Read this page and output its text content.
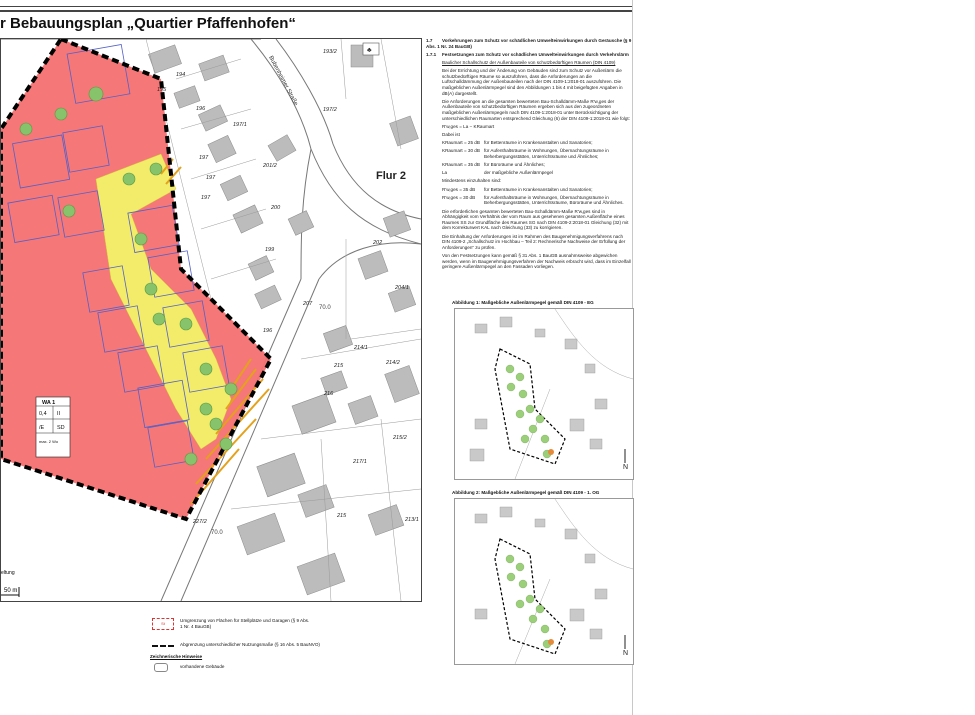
r Bebauungsplan „Quartier Pfaffenhofen“
Bubenheimer Straße
Flur 2
193/2
194
195
196
197/1
197/2
197
197
197
201/2
200
202
199
204/1
196
207
214/1
215	214/2
216
215/2
217/1
215
213/1
227/2
70.0
70.0
♣
WA 1
0,4 II
/E SD
max. 2 Wo
50 m
eltung
St
Umgrenzung von Flächen für Stellplätze und Garagen (§ 9 Abs. 1 Nr. 4 BauGB)
Abgrenzung unterschiedlicher Nutzungsmaße (§ 16 Abs. 5 BauNVO)
Zeichnerische Hinweise
vorhandene Gebäude

1.7 Vorkehrungen zum Schutz vor schädlichen Umwelteinwirkungen durch Geräusche (§ 9 Abs. 1 Nr. 24 BauGB)

1.7.1 Festsetzungen zum Schutz vor schädlichen Umwelteinwirkungen durch Verkehrslärm

Baulicher Schallschutz der Außenbauteile von schutzbedürftigen Räumen (DIN 4109)

Bei der Errichtung und der Änderung von Gebäuden sind zum Schutz vor Außenlärm die schutzbedürftigen Räume so auszuführen, dass die Anforderungen an die Luftschalldämmung der Außenbauteilen nach der DIN 4109-1:2018-01 auszuführen. Die maßgeblichen Außenlärmpegel sind den Abbildungen 1 bis 4 mit beigefügten Angaben in dB(A) dargestellt.

Die Anforderungen an die gesamten bewerteten Bau-Schalldämm-Maße R'w,ges der Außenbauteile von schutzbedürftigen Räumen ergeben sich aus den zugeordneten maßgeblichen Außenlärmpegeln nach DIN 4109-1:2018-01 unter Berücksichtigung der unterschiedlichen Raumarten entsprechend Gleichung (6) der DIN 4109-1:2018-01 wie folgt:

R'w,ges = La − KRaumart

Dabei ist

KRaumart = 25 dB für Bettenräume in Krankenanstalten und Sanatorien;

KRaumart = 30 dB für Aufenthaltsräume in Wohnungen, Übernachtungsräume in Beherbergungsstätten, Unterrichtsräume und Ähnliches;

KRaumart = 35 dB für Büroräume und Ähnliches;

La	der maßgebliche Außenlärmpegel

Mindestens einzuhalten sind:

R'w,ges = 35 dB	für Bettenräume in Krankenanstalten und Sanatorien;

R'w,ges = 30 dB	für Aufenthaltsräume in Wohnungen, Übernachtungsräume in Beherbergungsstätten, Unterrichtsräume, Büroräume und Ähnliches.

Die erforderlichen gesamten bewerteten Bau-Schalldämm-Maße R'w,ges sind in Abhängigkeit vom Verhältnis der vom Raum aus gesehenen gesamten Außenfläche eines Raumes SS zur Grundfläche des Raumes SG nach DIN 4109-2:2018-01 Gleichung (32) mit dem Korrekturwert KAL nach Gleichung (33) zu korrigieren.

Die Einhaltung der Anforderungen ist im Rahmen des Baugenehmigungsverfahrens nach DIN 4109-2 „Schallschutz im Hochbau – Teil 2: Rechnerische Nachweise der Erfüllung der Anforderungen“ zu prüfen.

Von den Festsetzungen kann gemäß § 31 Abs. 1 BauGB ausnahmsweise abgewichen werden, wenn im Baugenehmigungsverfahren der Nachweis erbracht wird, dass im Einzelfall geringere Außenlärmpegel an den Fassaden vorliegen.

Abbildung 1: Maßgebliche Außenlärmpegel gemäß DIN 4109 - EG
N
Abbildung 2: Maßgebliche Außenlärmpegel gemäß DIN 4109 - 1. OG
N
